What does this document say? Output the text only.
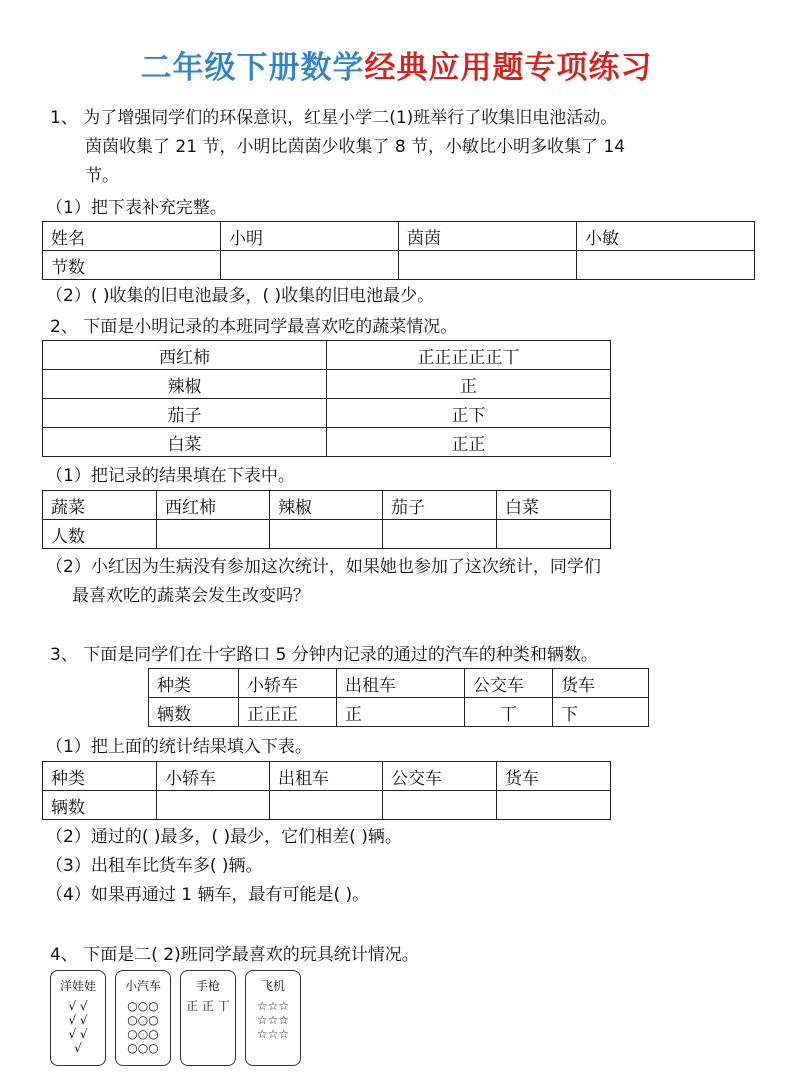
二年级下册数学经典应用题专项练习
1、 为了增强同学们的环保意识，红星小学二(1)班举行了收集旧电池活动。
茵茵收集了 21 节，小明比茵茵少收集了 8 节，小敏比小明多收集了 14
节。
（1）把下表补充完整。
姓名	小明	茵茵	小敏
节数			
（2）( )收集的旧电池最多，( )收集的旧电池最少。
2、 下面是小明记录的本班同学最喜欢吃的蔬菜情况。
西红柿	正正正正正丅
辣椒	正
茄子	正下
白菜	正正
（1）把记录的结果填在下表中。
蔬菜	西红柿	辣椒	茄子	白菜
人数				
（2）小红因为生病没有参加这次统计，如果她也参加了这次统计，同学们
最喜欢吃的蔬菜会发生改变吗？
3、 下面是同学们在十字路口 5 分钟内记录的通过的汽车的种类和辆数。
种类	小轿车	出租车	公交车	货车
辆数	正正正	正	丅	下
（1）把上面的统计结果填入下表。
种类	小轿车	出租车	公交车	货车
辆数				
（2）通过的( )最多，( )最少，它们相差( )辆。
（3）出租车比货车多( )辆。
（4）如果再通过 1 辆车，最有可能是( )。
4、 下面是二( 2)班同学最喜欢的玩具统计情况。
洋娃娃
√ √
√ √
√ √
√
小汽车
○○○
○○○
○○○
○○○
手枪
正 正 丅
飞机
☆☆☆
☆☆☆
☆☆☆
